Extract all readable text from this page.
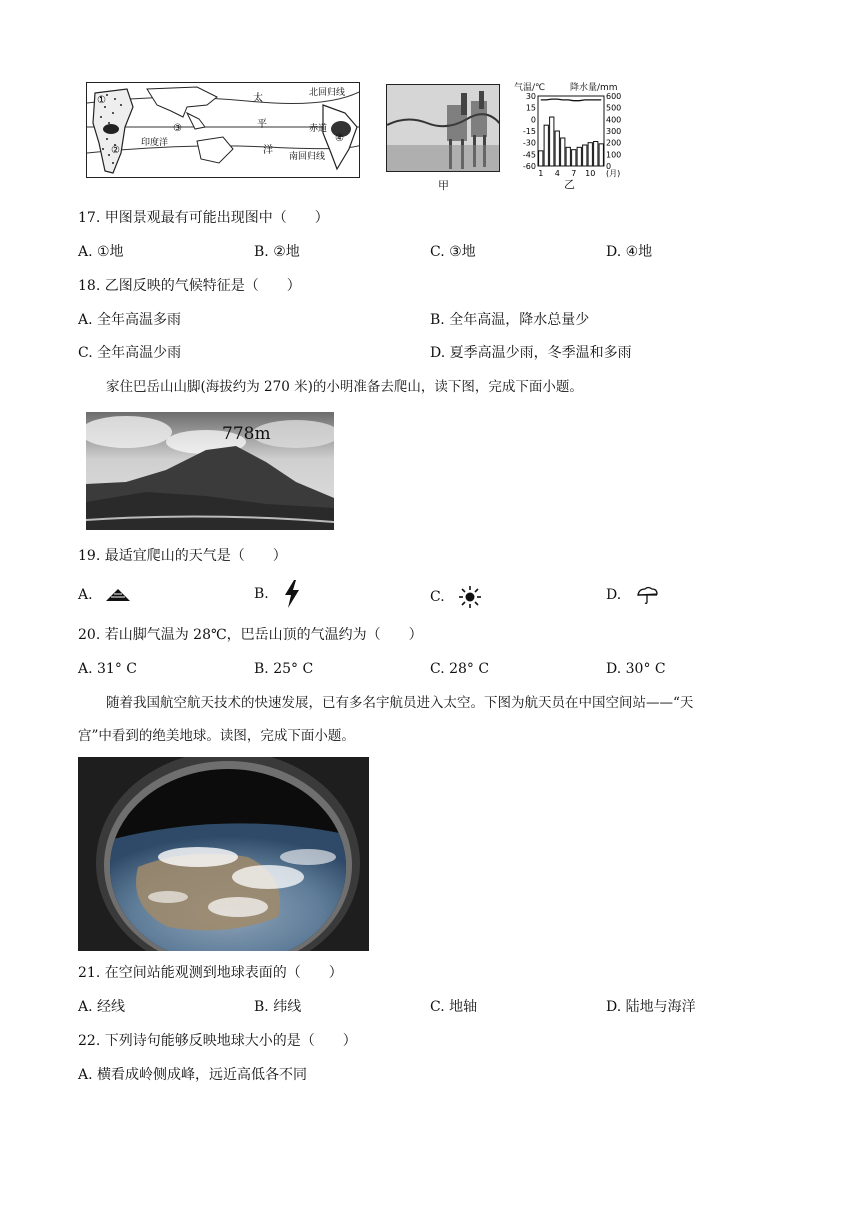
太
平
洋
赤道
北回归线
南回归线
印度洋
①
②
③
④
甲
气温/℃	降水量/mm
30
15
0
-15
-30
-45
-60
600
500
400
300
200
100
0
1 4 7 10 (月)
乙
17. 甲图景观最有可能出现图中（　　）
A. ①地	B. ②地	C. ③地	D. ④地
18. 乙图反映的气候特征是（　　）
A. 全年高温多雨	B. 全年高温，降水总量少
C. 全年高温少雨	D. 夏季高温少雨，冬季温和多雨
家住巴岳山山脚(海拔约为 270 米)的小明准备去爬山，读下图，完成下面小题。
778m
19. 最适宜爬山的天气是（　　）
A.	B.	C.	D.
20. 若山脚气温为 28℃，巴岳山顶的气温约为（　　）
A. 31° C	B. 25° C	C. 28° C	D. 30° C
随着我国航空航天技术的快速发展，已有多名宇航员进入太空。下图为航天员在中国空间站——“天
宫”中看到的绝美地球。读图，完成下面小题。
21. 在空间站能观测到地球表面的（　　）
A. 经线	B. 纬线	C. 地轴	D. 陆地与海洋
22. 下列诗句能够反映地球大小的是（　　）
A. 横看成岭侧成峰，远近高低各不同
